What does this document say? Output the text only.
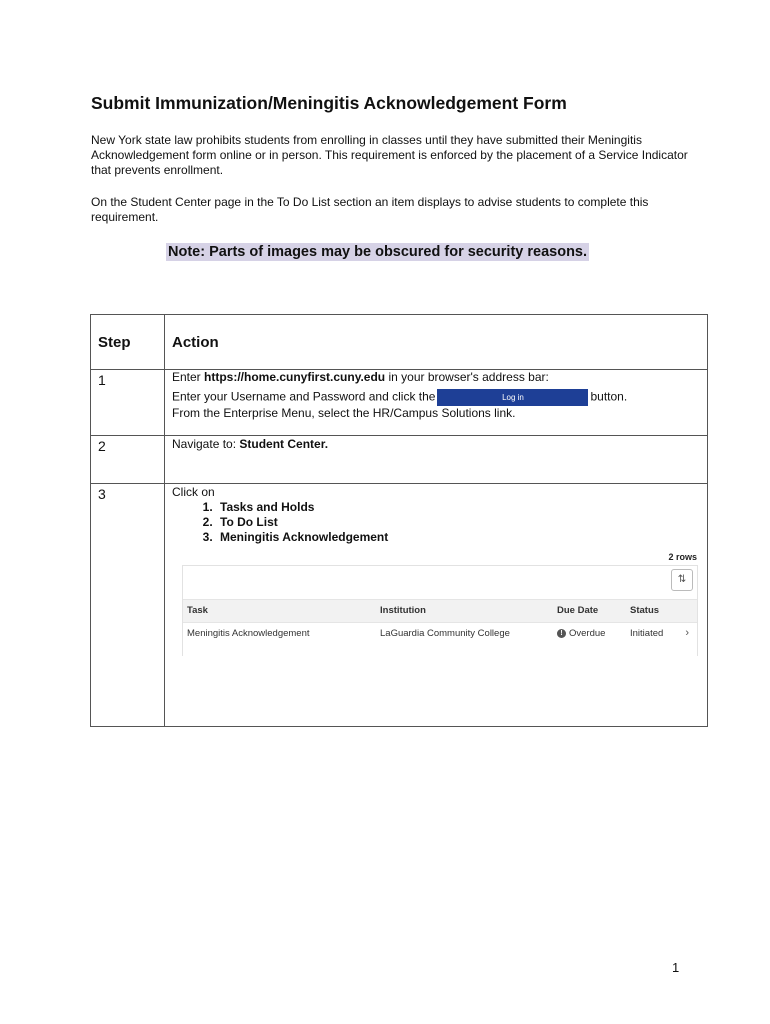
Submit Immunization/Meningitis Acknowledgement Form
New York state law prohibits students from enrolling in classes until they have submitted their Meningitis Acknowledgement form online or in person. This requirement is enforced by the placement of a Service Indicator that prevents enrollment.
On the Student Center page in the To Do List section an item displays to advise students to complete this requirement.
Note: Parts of images may be obscured for security reasons.
Step	Action
1	Enter https://home.cunyfirst.cuny.edu in your browser's address bar:
Enter your Username and Password and click the	Log in	button.
From the Enterprise Menu, select the HR/Campus Solutions link.
2	Navigate to: Student Center.
3	Click on
1. Tasks and Holds
2. To Do List
3. Meningitis Acknowledgement
2 rows
⇅
Task	Institution	Due Date	Status
Meningitis Acknowledgement	LaGuardia Community College	! Overdue	Initiated ›
1
